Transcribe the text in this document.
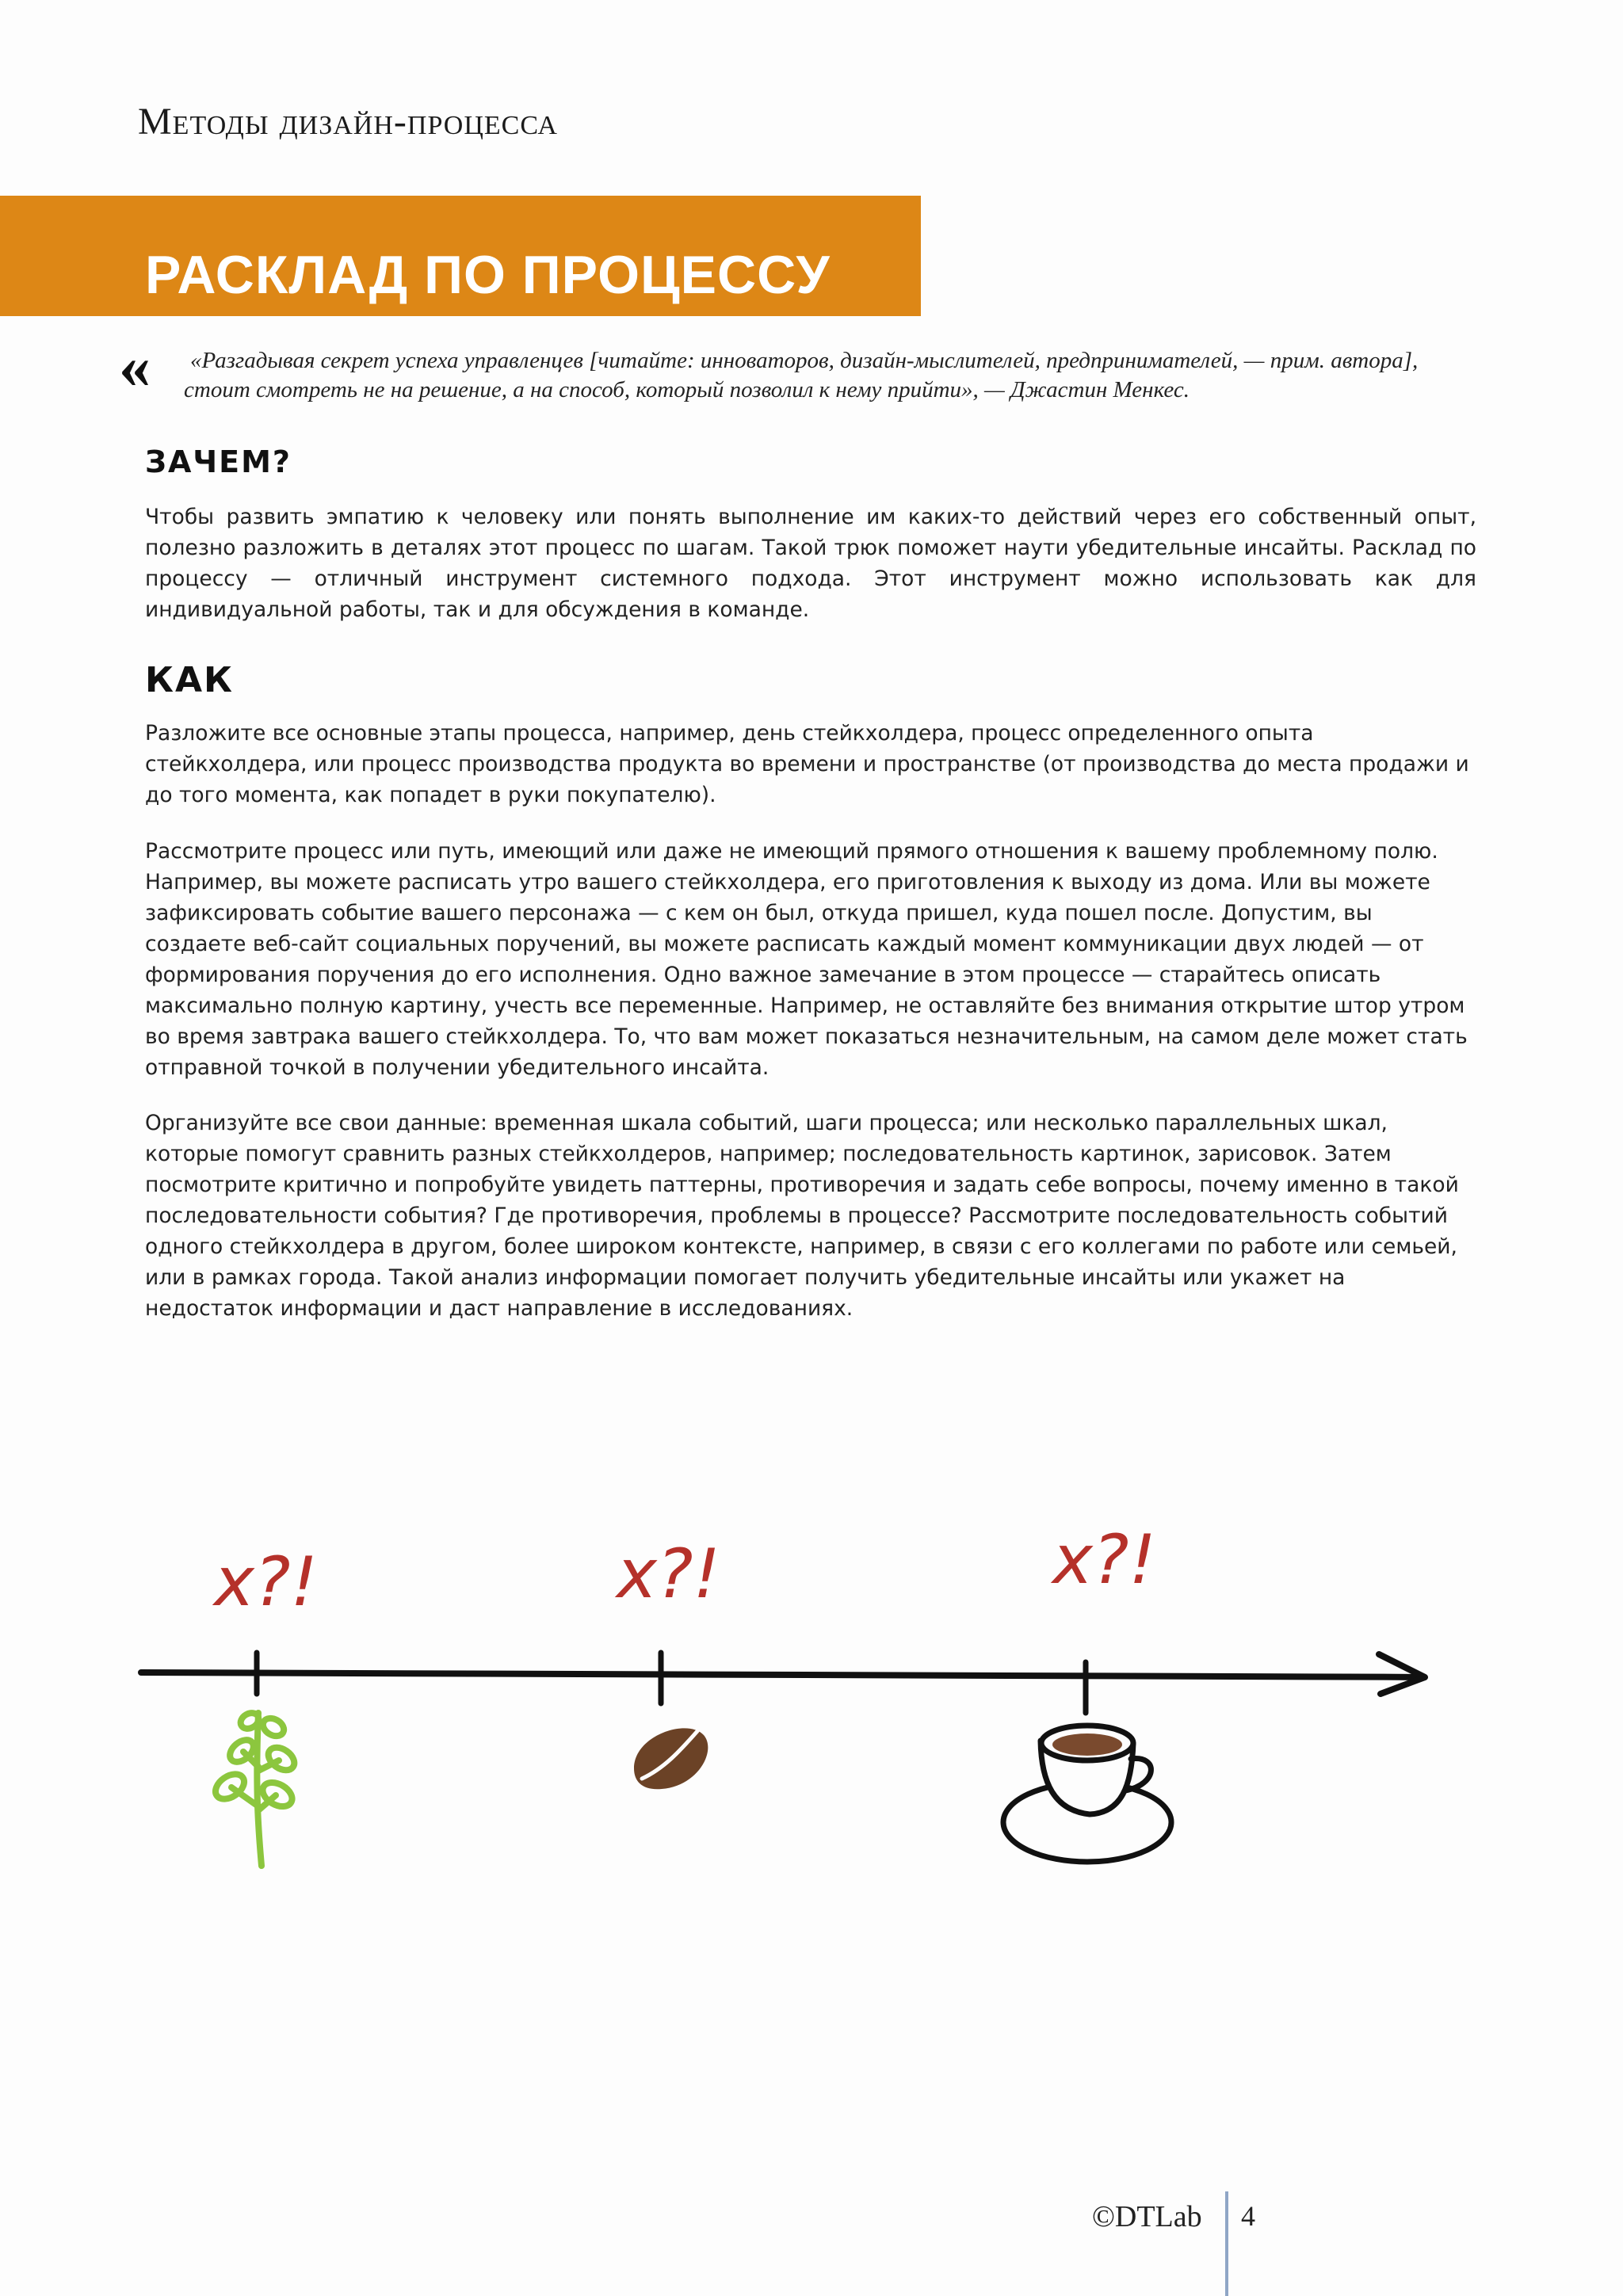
Методы дизайн-процесса
РАСКЛАД ПО ПРОЦЕССУ
« «Разгадывая секрет успеха управленцев [читайте: инноваторов, дизайн-мыслителей, предпринимателей, — прим. автора], стоит смотреть не на решение, а на способ, который позволил к нему прийти», — Джастин Менкес.
ЗАЧЕМ?

Чтобы развить эмпатию к человеку или понять выполнение им каких-то действий через его собственный опыт, полезно разложить в деталях этот процесс по шагам. Такой трюк поможет наути убедительные инсайты. Расклад по процессу — отличный инструмент системного подхода. Этот инструмент можно использовать как для индивидуальной работы, так и для обсуждения в команде.

КАК

Разложите все основные этапы процесса, например, день стейкхолдера, процесс определенного опыта стейкхолдера, или процесс производства продукта во времени и пространстве (от производства до места продажи и до того момента, как попадет в руки покупателю).

Рассмотрите процесс или путь, имеющий или даже не имеющий прямого отношения к вашему проблемному полю. Например, вы можете расписать утро вашего стейкхолдера, его приготовления к выходу из дома. Или вы можете зафиксировать событие вашего персонажа — с кем он был, откуда пришел, куда пошел после. Допустим, вы создаете веб-сайт социальных поручений, вы можете расписать каждый момент коммуникации двух людей — от формирования поручения до его исполнения. Одно важное замечание в этом процессе — старайтесь описать максимально полную картину, учесть все переменные. Например, не оставляйте без внимания открытие штор утром во время завтрака вашего стейкхолдера. То, что вам может показаться незначительным, на самом деле может стать отправной точкой в получении убедительного инсайта.

Организуйте все свои данные: временная шкала событий, шаги процесса; или несколько параллельных шкал, которые помогут сравнить разных стейкхолдеров, например; последовательность картинок, зарисовок. Затем посмотрите критично и попробуйте увидеть паттерны, противоречия и задать себе вопросы, почему именно в такой последовательности события? Где противоречия, проблемы в процессе? Рассмотрите последовательность событий одного стейкхолдера в другом, более широком контексте, например, в связи с его коллегами по работе или семьей, или в рамках города. Такой анализ информации помогает получить убедительные инсайты или укажет на недостаток информации и даст направление в исследованиях.

x?!	x?!	x?!
©DTLab 4
